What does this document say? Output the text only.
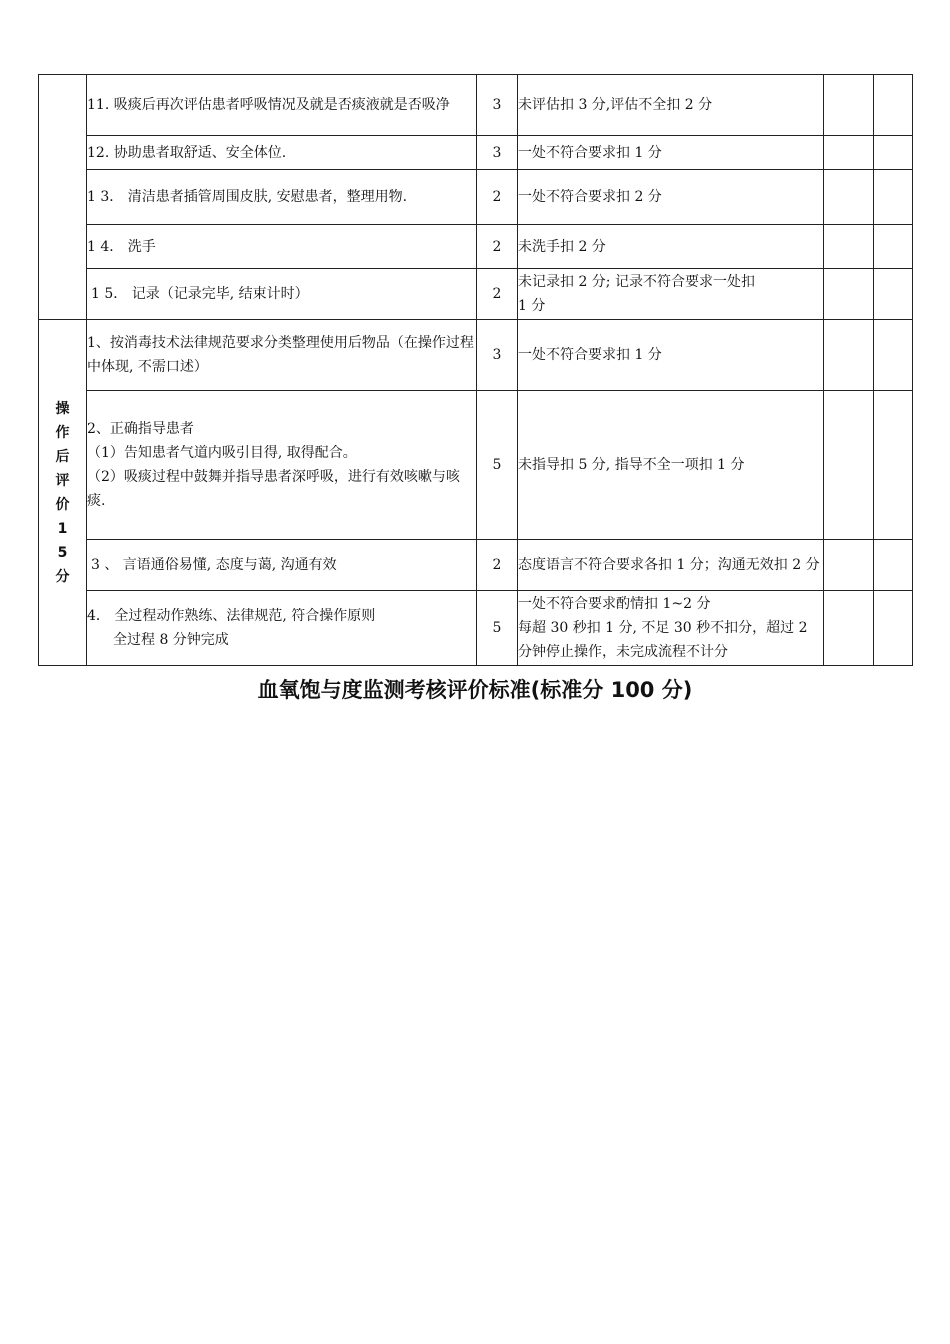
	11. 吸痰后再次评估患者呼吸情况及就是否痰液就是否吸净	3	未评估扣 3 分,评估不全扣 2 分		

	12. 协助患者取舒适、安全体位.	3	一处不符合要求扣 1 分		

	1 3． 清洁患者插管周围皮肤, 安慰患者，整理用物.	2	一处不符合要求扣 2 分		

	1 4． 洗手	2	未洗手扣 2 分		

	1 5． 记录（记录完毕, 结束计时）	2	未记录扣 2 分; 记录不符合要求一处扣
1 分		

操作后评价15分	1、按消毒技术法律规范要求分类整理使用后物品（在操作过程中体现, 不需口述）	3	一处不符合要求扣 1 分		

	2、正确指导患者
（1）告知患者气道内吸引目得, 取得配合。
（2）吸痰过程中鼓舞并指导患者深呼吸，进行有效咳嗽与咳痰.	5	未指导扣 5 分, 指导不全一项扣 1 分		

	3 、 言语通俗易懂, 态度与蔼, 沟通有效	2	态度语言不符合要求各扣 1 分；沟通无效扣 2 分		

	4． 全过程动作熟练、法律规范, 符合操作原则
全过程 8 分钟完成	5	一处不符合要求酌情扣 1~2 分
每超 30 秒扣 1 分, 不足 30 秒不扣分，超过 2 分钟停止操作，未完成流程不计分		

血氧饱与度监测考核评价标准(标准分 100 分)
